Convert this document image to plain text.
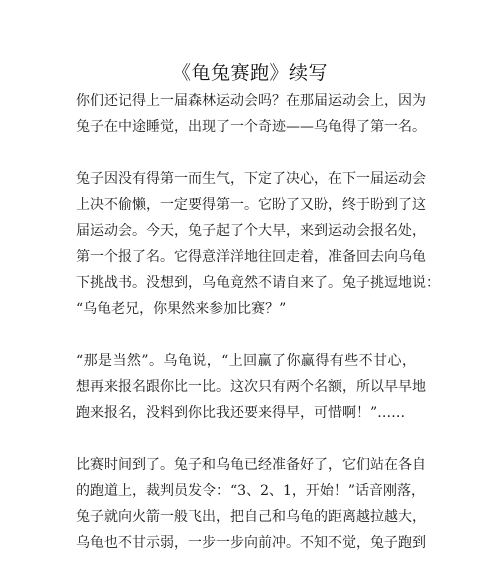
《龟兔赛跑》续写
你们还记得上一届森林运动会吗？在那届运动会上，因为
兔子在中途睡觉，出现了一个奇迹——乌龟得了第一名。
兔子因没有得第一而生气，下定了决心，在下一届运动会
上决不偷懒，一定要得第一。它盼了又盼，终于盼到了这
届运动会。今天，兔子起了个大早，来到运动会报名处，
第一个报了名。它得意洋洋地往回走着，准备回去向乌龟
下挑战书。没想到，乌龟竟然不请自来了。兔子挑逗地说：
“乌龟老兄，你果然来参加比赛？”
“那是当然”。乌龟说，“上回赢了你赢得有些不甘心，
想再来报名跟你比一比。这次只有两个名额，所以早早地
跑来报名，没料到你比我还要来得早，可惜啊！”……
比赛时间到了。兔子和乌龟已经准备好了，它们站在各自
的跑道上，裁判员发令：“3、2、1，开始！”话音刚落，
兔子就向火箭一般飞出，把自己和乌龟的距离越拉越大，
乌龟也不甘示弱，一步一步向前冲。不知不觉，兔子跑到
